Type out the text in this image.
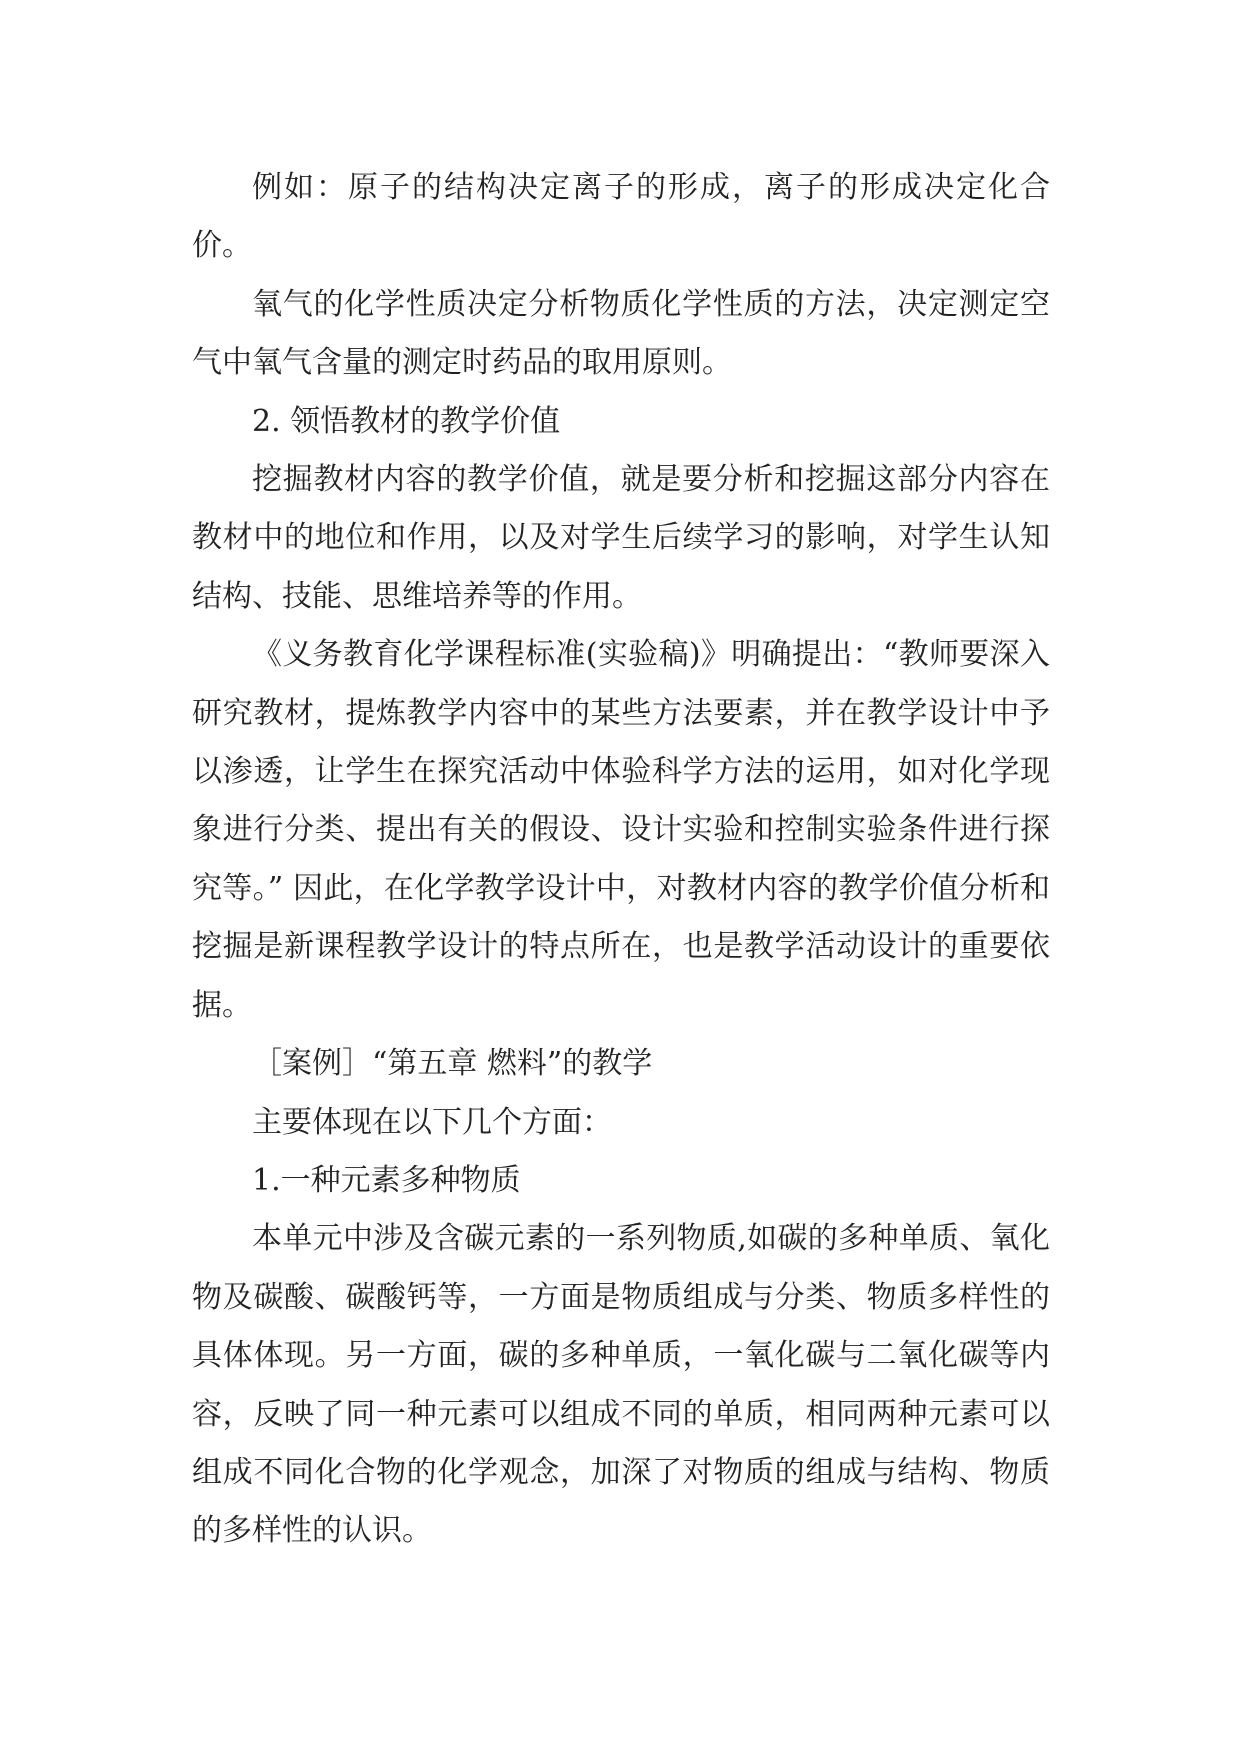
例如：原子的结构决定离子的形成，离子的形成决定化合价。

氧气的化学性质决定分析物质化学性质的方法，决定测定空气中氧气含量的测定时药品的取用原则。

2. 领悟教材的教学价值

挖掘教材内容的教学价值，就是要分析和挖掘这部分内容在教材中的地位和作用，以及对学生后续学习的影响，对学生认知结构、技能、思维培养等的作用。

《义务教育化学课程标准(实验稿)》明确提出：“教师要深入研究教材，提炼教学内容中的某些方法要素，并在教学设计中予以渗透，让学生在探究活动中体验科学方法的运用，如对化学现象进行分类、提出有关的假设、设计实验和控制实验条件进行探究等。” 因此，在化学教学设计中，对教材内容的教学价值分析和挖掘是新课程教学设计的特点所在，也是教学活动设计的重要依据。

［案例］“第五章 燃料”的教学

主要体现在以下几个方面：

1.一种元素多种物质

本单元中涉及含碳元素的一系列物质,如碳的多种单质、氧化物及碳酸、碳酸钙等，一方面是物质组成与分类、物质多样性的具体体现。另一方面，碳的多种单质，一氧化碳与二氧化碳等内容，反映了同一种元素可以组成不同的单质，相同两种元素可以组成不同化合物的化学观念，加深了对物质的组成与结构、物质的多样性的认识。
